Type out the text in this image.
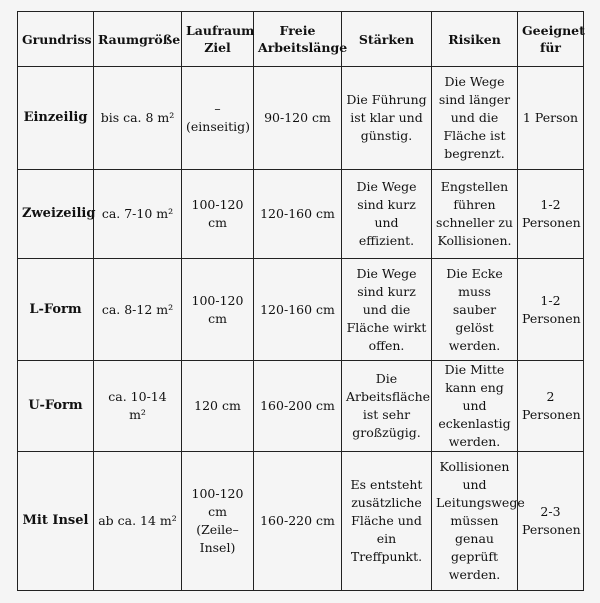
Grundriss	Raumgröße	Laufraum Ziel	Freie Arbeitslänge	Stärken	Risiken	Geeignet für
Einzeilig	bis ca. 8 m²	– (einseitig)	90-120 cm	Die Führung ist klar und günstig.	Die Wege sind länger und die Fläche ist begrenzt.	1 Person
Zweizeilig	ca. 7-10 m²	100-120 cm	120-160 cm	Die Wege sind kurz und effizient.	Engstellen führen schneller zu Kollisionen.	1-2 Personen
L-Form	ca. 8-12 m²	100-120 cm	120-160 cm	Die Wege sind kurz und die Fläche wirkt offen.	Die Ecke muss sauber gelöst werden.	1-2 Personen
U-Form	ca. 10-14 m²	120 cm	160-200 cm	Die Arbeitsfläche ist sehr großzügig.	Die Mitte kann eng und eckenlastig werden.	2 Personen
Mit Insel	ab ca. 14 m²	100-120 cm (Zeile–Insel)	160-220 cm	Es entsteht zusätzliche Fläche und ein Treffpunkt.	Kollisionen und Leitungswege müssen genau geprüft werden.	2-3 Personen
